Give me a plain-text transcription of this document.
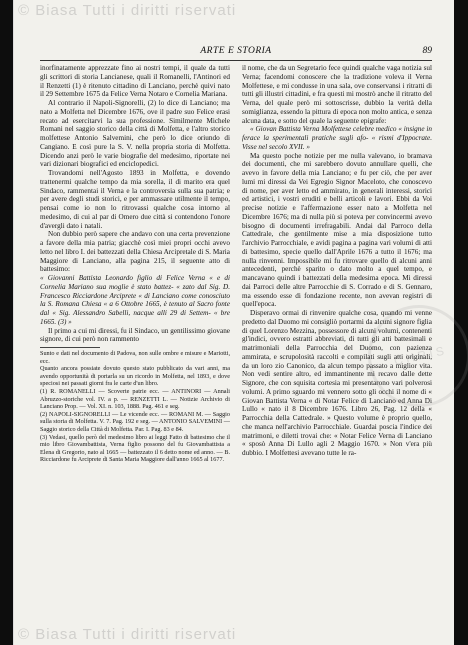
© Biasa Tutti i diritti riservati
© Biasa Tutti i diritti riservati
C H R I S
ARTE E STORIA	89

inorfinatamente apprezzate fino ai nostri tempi, il quale da tutti gli scrittori di storia Lancianese, quali il Romanelli, l'Antinori ed il Renzetti (1) è ritenuto cittadino di Lanciano, perchè quivi nato il 29 Settembre 1675 da Felice Verna Notaro e Cornelia Mariana.

Al contrario il Napoli-Signorelli, (2) lo dice di Lanciano; ma nato a Molfetta nel Dicembre 1676, ove il padre suo Felice erasi recato ad esercitarvi la sua professione. Similmente Michele Romani nel saggio storico della città di Molfetta, e l'altro storico molfettese Antonio Salvemini, che però lo dice oriundo di Cangiano. E così pure la S. V. nella propria storia di Molfetta. Dicendo anzi però le varie biografie del medesimo, riportate nei vari dizionari biografici ed enciclopedici.

Trovandomi nell'Agosto 1893 in Molfetta, e dovendo trattenermi qualche tempo da mia sorella, il di marito era quel Sindaco, rammentai il Verna e la controversia sulla sua patria; e per avere degli studi storici, e per ammassare utilmente il tempo, pensai come io non lo ritrovassi qualche cosa intorno al medesimo, di cui al par di Omero due città si contendono l'onore d'avergli dato i natali.

Non dubbio però sapere che andavo con una certa prevenzione a favore della mia patria; giacchè così miei propri occhi avevo letto nel libro I. dei battezzati della Chiesa Arcipretale di S. Maria Maggiore di Lanciano, alla pagina 215, il seguente atto di battesimo:

« Giovanni Battista Leonardo figlio di Felice Verna « e di Cornelia Mariano sua moglie è stato battez- « zato dal Sig. D. Francesco Ricciardone Arciprete « di Lanciano come conosciuto la S. Romana Chiesa « a 6 Ottobre 1665, è tenuto al Sacro fonte dal « Sig. Alessandro Sabelli, nacque alli 29 di Settem- « bre 1665. (3) »

Il primo a cui mi diressi, fu il Sindaco, un gentilissimo giovane signore, di cui però non rammento

Sunto e dati nel documento di Padova, non sulle ombre e misure e Mariotti, ecc.

Quanto ancora possiate dovuto questo stato pubblicato da vari anni, ma avendo opportunità di portarla su un ricordo in Molfetta, nel 1893, e dove speciosi nei passati giorni fra le carte d'un libro.

(1) R. ROMANELLI — Scoverte patrie ecc. — ANTINORI — Annali Abruzzo-storiche vol. IV. a p. — RENZETTI L. — Notizie Archivio di Lanciano Prop. — Vol. XI. n. 103, 1888. Pag. 461 e seg.

(2) NAPOLI-SIGNORELLI — Le vicende ecc. — ROMANI M. — Saggio sulla storia di Molfetta. V. 7. Pag. 192 e seg. — ANTONIO SALVEMINI — Saggio storico della Città di Molfetta. Par. I. Pag. 83 e 84.

(3) Vedasi, quello però del medesimo libro ai leggi Fatto di battesimo che il mio libro Giovambattista, Verna figlio possono del fu Giovambattista a Elena di Gregorio, nato al 1665 — battezzato il 6 detto nome ed anno. — B. Ricciardone fu Arciprete di Santa Maria Maggiore dall'anno 1665 al 1677.

il nome, che da un Segretario fece quindi qualche vaga notizia sul Verna; facendomi conoscere che la tradizione voleva il Verna Molfettese, e mi condusse in una sala, ove conservansi i ritratti di tutti gli illustri cittadini, e fra questi mi mostrò anche il ritratto del Verna, del quale però mi sottoscrisse, dubbio la verità della somiglianza, essendo la pittura di epoca non molto antica, e senza alcuna data, e sotto del quale la seguente epigrafe:

« Giovan Battista Verna Molfettese celebre medico « insigne in ferace la sperimentali pratiche sugli afo- « rismi d'Ippocrate. Visse nel secolo XVII. »

Ma questo poche notizie per me nulla valevano, io bramava dei documenti, che mi sarebbero dovuto annullare quelli, che avevo in favore della mia Lanciano; e fu per ciò, che per aver lumi mi diressi da Vei Egregio Signor Maceloto, che conoscevo di nome, per aver letto ed ammirato, in generali interessi, storici ed artistici, i vostri eruditi e belli articoli e lavori. Ebbi da Voi precise notizie e l'affermazione esser nato a Molfetta nel Dicembre 1676; ma di nulla più si poteva per convincermi avevo bisogno di documenti irrefragabili. Andai dal Parroco della Cattedrale, che gentilmente mise a mia disposizione tutto l'archivio Parrocchiale, e avidi pagina a pagina vari volumi di atti di battesimo, specie quello dall'Aprile 1676 a tutto il 1676; ma nulla rinvenni. Impossibile mi fu ritrovare quello di alcuni anni antecedenti, perchè sparito o dato molto a quel tempo, e mancavano quindi i battezzati della medesima epoca. Mi diressi dai Parroci delle altre Parrocchie di S. Corrado e di S. Gennaro, ma essendo esse di fondazione recente, non avevan registri di quell'epoca.

Disperavo ormai di rinvenire qualche cosa, quando mi venne predetto dal Duomo mi consigliò portarmi da alcuni signore figlia di quel Lorenzo Mezzina, possessore di alcuni volumi, contenenti gl'indici, ovvero estratti abbreviati, di tutti gli atti battesimali e matrimoniali della Parrocchia del Duomo, con pazienza ammirata, e scrupolosità raccolti e compilati sugli atti originali, da un loro zio Canonico, da alcun tempo passato a miglior vita. Non vedi sentire altro, ed immantinente mi recavo dalle dette Signore, che con squisita cortesia mi presentarono vari polverosi volumi. A primo sguardo mi vennero sotto gli occhi il nome di « Giovan Battista Verna « di Notar Felice di Lanciano ed Anna Di Lullo « nato il 8 Dicembre 1676. Libro 26, Pag. 12 della « Parrocchia della Cattedrale. » Questo volume è proprio quello, che manca nell'archivio Parrocchiale. Guardai poscia l'indice dei matrimoni, e diletti trovai che: « Notar Felice Verna di Lanciano « sposò Anna Di Lullo agli 2 Maggio 1670. » Non v'era più dubbio. I Molfettesi avevano tutte le ra-
